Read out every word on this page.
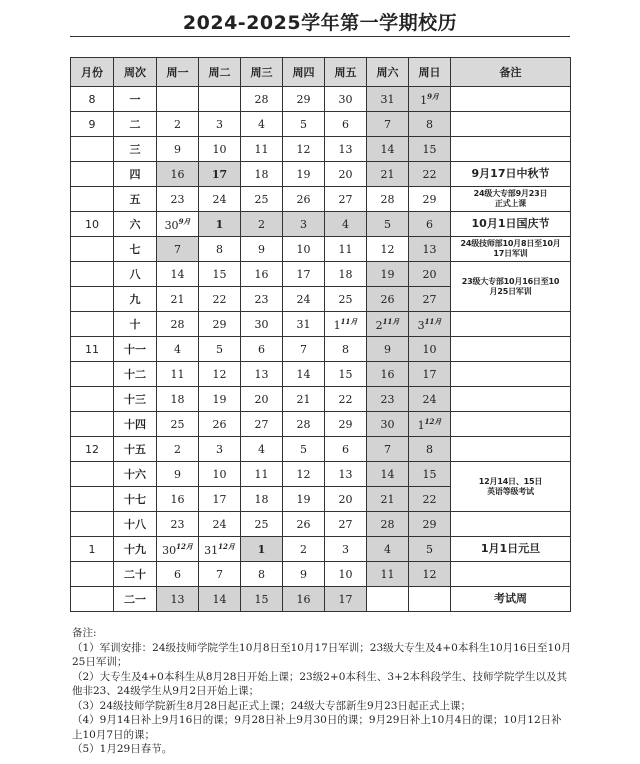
2024-2025学年第一学期校历
月份	周次	周一	周二	周三	周四	周五	周六	周日	备注
8	一			28	29	30	31	$1^{9月}$	
9	二	2	3	4	5	6	7	8	
	三	9	10	11	12	13	14	15	
	四	16	17	18	19	20	21	22	9月17日中秋节
	五	23	24	25	26	27	28	29	24级大专部9月23日
正式上课
10	六	$30^{9月}$	1	2	3	4	5	6	10月1日国庆节
	七	7	8	9	10	11	12	13	24级技师部10月8日至10月
17日军训
	八	14	15	16	17	18	19	20	23级大专部10月16日至10
月25日军训
	九	21	22	23	24	25	26	27	
	十	28	29	30	31	$1^{11月}$	$2^{11月}$	$3^{11月}$	
11	十一	4	5	6	7	8	9	10	
	十二	11	12	13	14	15	16	17	
	十三	18	19	20	21	22	23	24	
	十四	25	26	27	28	29	30	$1^{12月}$	
12	十五	2	3	4	5	6	7	8	
	十六	9	10	11	12	13	14	15	12月14日、15日
英语等级考试
	十七	16	17	18	19	20	21	22	
	十八	23	24	25	26	27	28	29	
1	十九	$30^{12月}$	$31^{12月}$	1	2	3	4	5	1月1日元旦
	二十	6	7	8	9	10	11	12	
	二一	13	14	15	16	17			考试周
备注:
（1）军训安排：24级技师学院学生10月8日至10月17日军训；23级大专生及4+0本科生10月16日至10月25日军训；
（2）大专生及4+0本科生从8月28日开始上课；23级2+0本科生、3+2本科段学生、技师学院学生以及其他非23、24级学生从9月2日开始上课；
（3）24级技师学院新生8月28日起正式上课；24级大专部新生9月23日起正式上课；
（4）9月14日补上9月16日的课；9月28日补上9月30日的课；9月29日补上10月4日的课；10月12日补上10月7日的课；
（5）1月29日春节。
